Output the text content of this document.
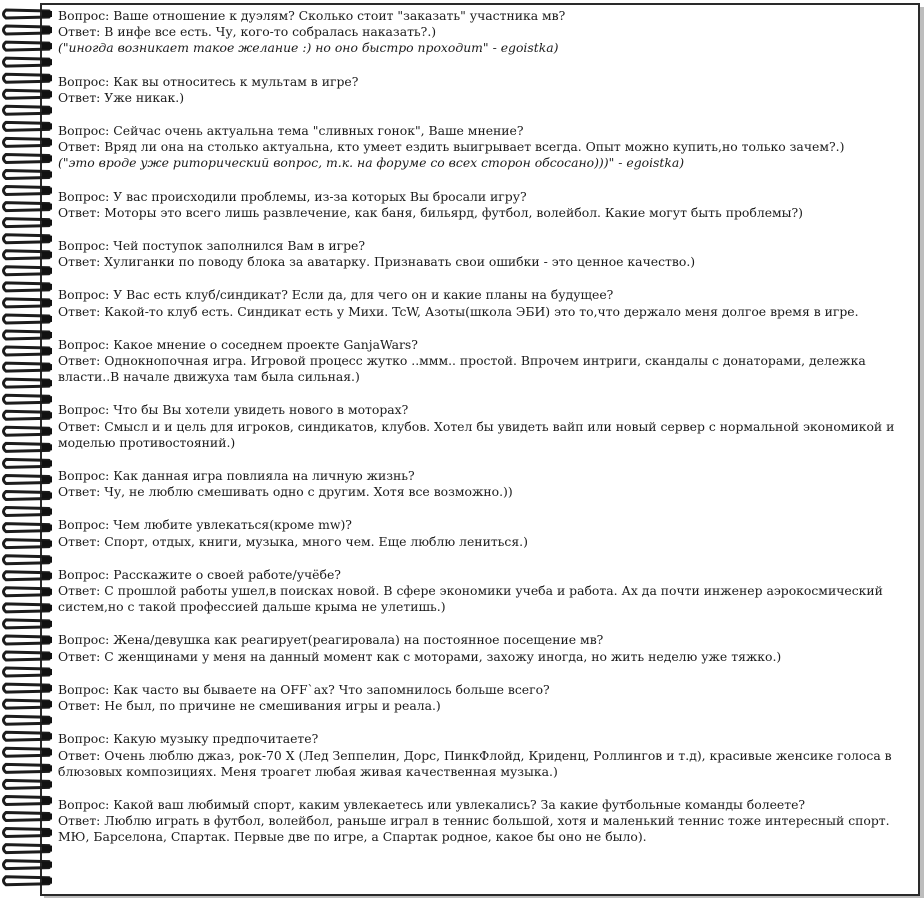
Вопрос: Ваше отношение к дуэлям? Сколько стоит "заказать" участника мв?

Ответ: В инфе все есть. Чу, кого-то собралась наказать?.)

("иногда возникает такое желание :) но оно быстро проходит" - egoistka)

Вопрос: Как вы относитесь к мультам в игре?

Ответ: Уже никак.)

Вопрос: Сейчас очень актуальна тема "сливных гонок", Ваше мнение?

Ответ: Вряд ли она на столько актуальна, кто умеет ездить выигрывает всегда. Опыт можно купить,но только зачем?.)

("это вроде уже риторический вопрос, т.к. на форуме со всех сторон обсосано)))" - egoistka)

Вопрос: У вас происходили проблемы, из-за которых Вы бросали игру?

Ответ: Моторы это всего лишь развлечение, как баня, бильярд, футбол, волейбол. Какие могут быть проблемы?)

Вопрос: Чей поступок заполнился Вам в игре?

Ответ: Хулиганки по поводу блока за аватарку. Признавать свои ошибки - это ценное качество.)

Вопрос: У Вас есть клуб/синдикат? Если да, для чего он и какие планы на будущее?

Ответ: Какой-то клуб есть. Синдикат есть у Михи. TcW, Азоты(школа ЭБИ) это то,что держало меня долгое время в игре.

Вопрос: Какое мнение о соседнем проекте GanjaWars?

Ответ: Однокнопочная игра. Игровой процесс жутко ..ммм.. простой. Впрочем интриги, скандалы с донаторами, дележка власти..В начале движуха там была сильная.)

Вопрос: Что бы Вы хотели увидеть нового в моторах?

Ответ: Смысл и и цель для игроков, синдикатов, клубов. Хотел бы увидеть вайп или новый сервер с нормальной экономикой и моделью противостояний.)

Вопрос: Как данная игра повлияла на личную жизнь?

Ответ: Чу, не люблю смешивать одно с другим. Хотя все возможно.))

Вопрос: Чем любите увлекаться(кроме mw)?

Ответ: Спорт, отдых, книги, музыка, много чем. Еще люблю лениться.)

Вопрос: Расскажите о своей работе/учёбе?

Ответ: С прошлой работы ушел,в поисках новой. В сфере экономики учеба и работа. Ах да почти инженер аэрокосмический систем,но с такой профессией дальше крыма не улетишь.)

Вопрос: Жена/девушка как реагирует(реагировала) на постоянное посещение мв?

Ответ: С женщинами у меня на данный момент как с моторами, захожу иногда, но жить неделю уже тяжко.)

Вопрос: Как часто вы бываете на OFF`ах? Что запомнилось больше всего?

Ответ: Не был, по причине не смешивания игры и реала.)

Вопрос: Какую музыку предпочитаете?

Ответ: Очень люблю джаз, рок-70 Х (Лед Зеппелин, Дорс, ПинкФлойд, Криденц, Роллингов и т.д), красивые женсике голоса в блюзовых композициях. Меня троагет любая живая качественная музыка.)

Вопрос: Какой ваш любимый спорт, каким увлекаетесь или увлекались? За какие футбольные команды болеете?

Ответ: Люблю играть в футбол, волейбол, раньше играл в теннис большой, хотя и маленький теннис тоже интересный спорт. МЮ, Барселона, Спартак. Первые две по игре, а Спартак родное, какое бы оно не было).
